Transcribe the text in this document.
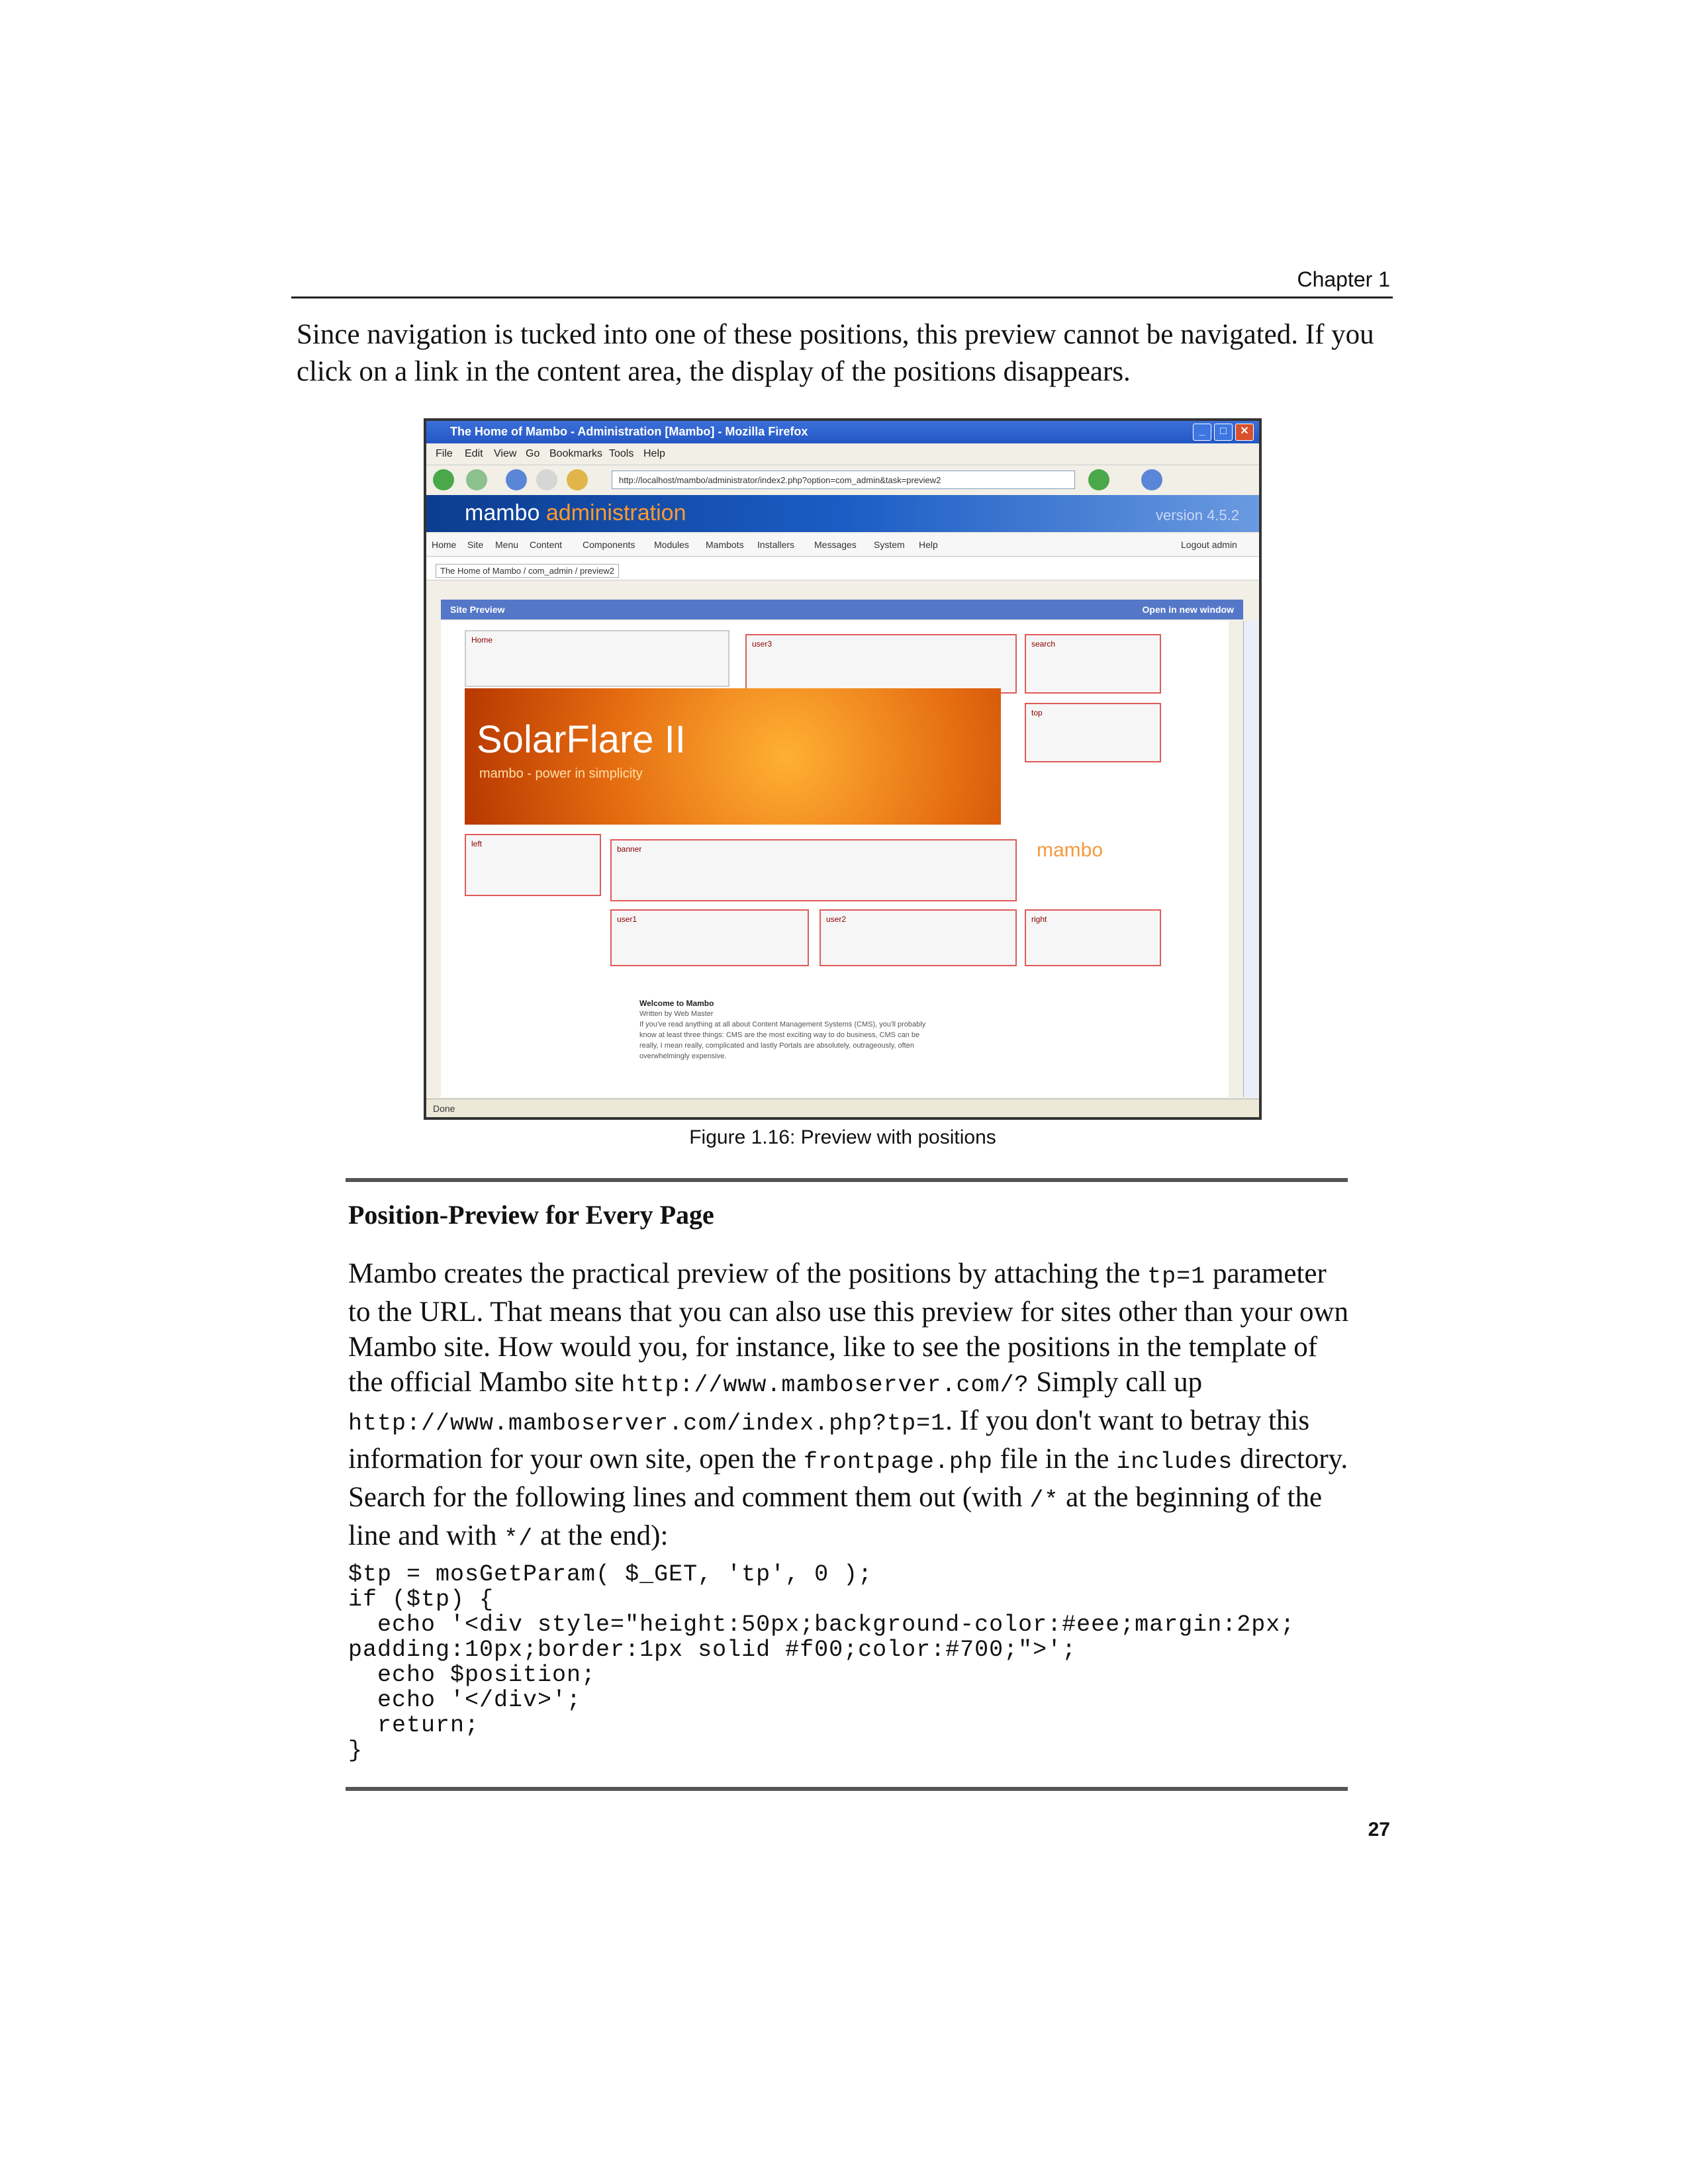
Chapter 1
Since navigation is tucked into one of these positions, this preview cannot be navigated. If you click on a link in the content area, the display of the positions disappears.
The Home of Mambo - Administration [Mambo] - Mozilla Firefox	_	□	✕
File Edit View Go Bookmarks Tools Help
http://localhost/mambo/administrator/index2.php?option=com_admin&task=preview2
mambo administration	version 4.5.2
Home Site Menu Content Components Modules Mambots Installers Messages System Help	Logout admin
The Home of Mambo / com_admin / preview2
Site Preview	Open in new window
Home	user3	search
top
SolarFlare II
mambo - power in simplicity
left
banner	mambo
user1	user2	right
Welcome to Mambo
Written by Web Master
If you've read anything at all about Content Management Systems (CMS), you'll probably know at least three things: CMS are the most exciting way to do business, CMS can be really, I mean really, complicated and lastly Portals are absolutely, outrageously, often overwhelmingly expensive.
Done
Figure 1.16: Preview with positions
Position-Preview for Every Page
Mambo creates the practical preview of the positions by attaching the tp=1 parameter to the URL. That means that you can also use this preview for sites other than your own Mambo site. How would you, for instance, like to see the positions in the template of the official Mambo site http://www.mamboserver.com/? Simply call up http://www.mamboserver.com/index.php?tp=1. If you don't want to betray this information for your own site, open the frontpage.php file in the includes directory. Search for the following lines and comment them out (with /* at the beginning of the line and with */ at the end):
$tp = mosGetParam( $_GET, 'tp', 0 );
if ($tp) {
echo '<div style="height:50px;background-color:#eee;margin:2px;
padding:10px;border:1px solid #f00;color:#700;">';
echo $position;
echo '</div>';
return;
}
27
